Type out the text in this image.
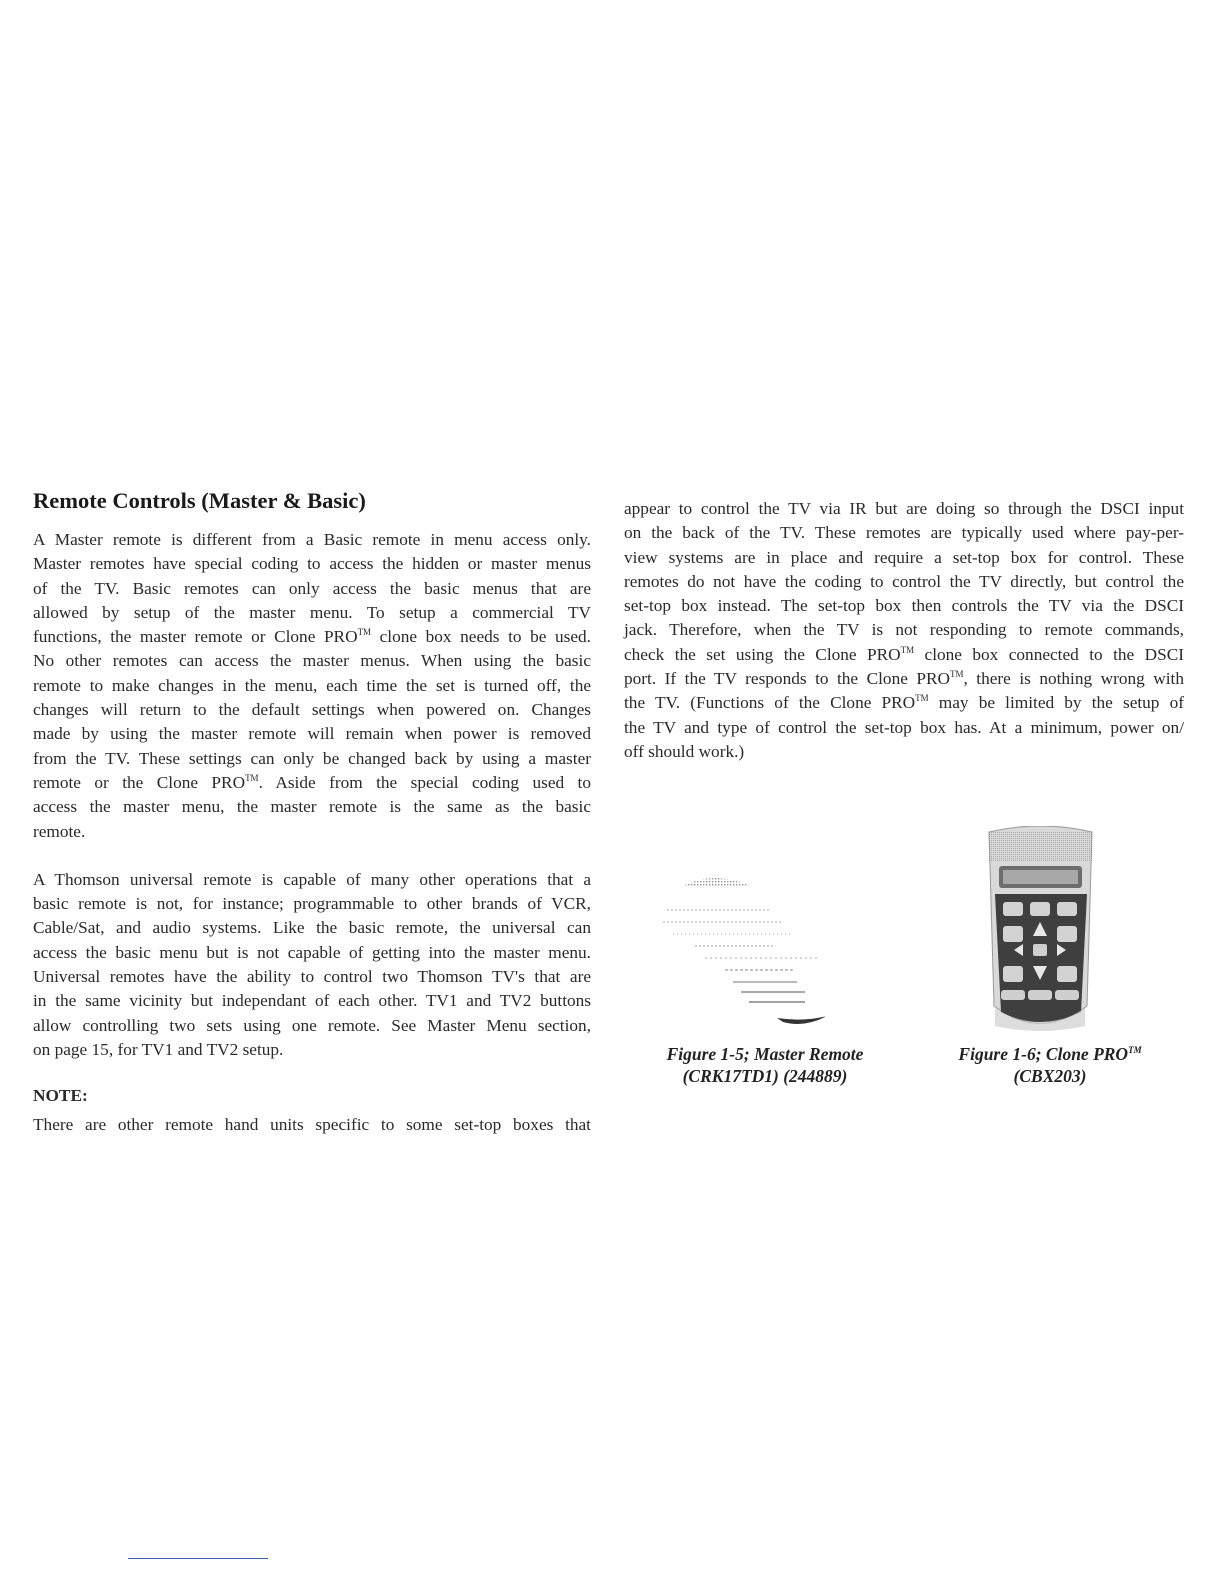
Remote Controls (Master & Basic)
A Master remote is different from a Basic remote in menu access only.
Master remotes have special coding to access the hidden or master menus
of the TV. Basic remotes can only access the basic menus that are
allowed by setup of the master menu. To setup a commercial TV
functions, the master remote or Clone PRO™ clone box needs to be used.
No other remotes can access the master menus. When using the basic
remote to make changes in the menu, each time the set is turned off, the
changes will return to the default settings when powered on. Changes
made by using the master remote will remain when power is removed
from the TV. These settings can only be changed back by using a master
remote or the Clone PRO™. Aside from the special coding used to
access the master menu, the master remote is the same as the basic
remote.
A Thomson universal remote is capable of many other operations that a
basic remote is not, for instance; programmable to other brands of VCR,
Cable/Sat, and audio systems. Like the basic remote, the universal can
access the basic menu but is not capable of getting into the master menu.
Universal remotes have the ability to control two Thomson TV's that are
in the same vicinity but independant of each other. TV1 and TV2 buttons
allow controlling two sets using one remote. See Master Menu section,
on page 15, for TV1 and TV2 setup.
NOTE:
There are other remote hand units specific to some set-top boxes that
appear to control the TV via IR but are doing so through the DSCI input
on the back of the TV. These remotes are typically used where pay-per-
view systems are in place and require a set-top box for control. These
remotes do not have the coding to control the TV directly, but control the
set-top box instead. The set-top box then controls the TV via the DSCI
jack. Therefore, when the TV is not responding to remote commands,
check the set using the Clone PRO™ clone box connected to the DSCI
port. If the TV responds to the Clone PRO™, there is nothing wrong with
the TV. (Functions of the Clone PRO™ may be limited by the setup of
the TV and type of control the set-top box has. At a minimum, power on/
off should work.)
Figure 1-5; Master Remote
(CRK17TD1) (244889)
Figure 1-6; Clone PRO™
(CBX203)
